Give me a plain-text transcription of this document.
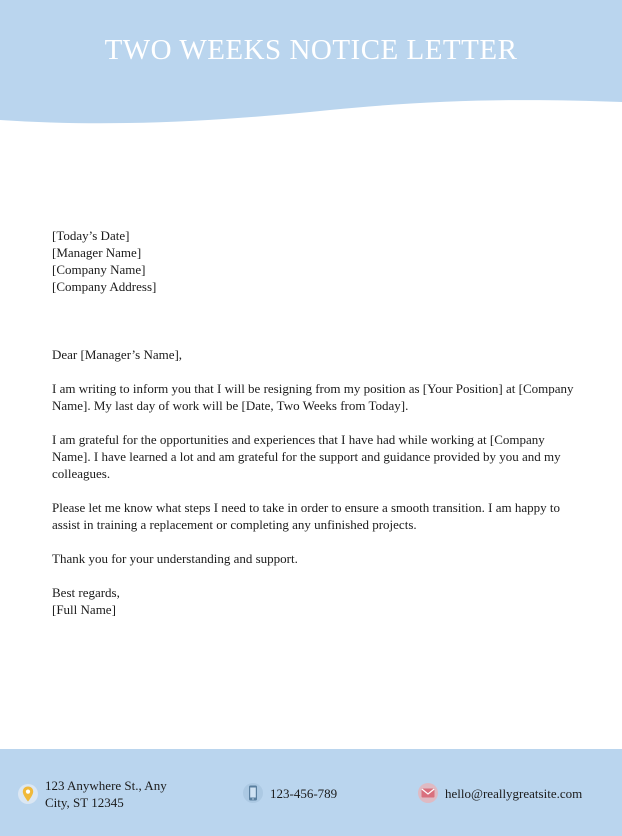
TWO WEEKS NOTICE LETTER
[Today’s Date]
[Manager Name]
[Company Name]
[Company Address]

Dear [Manager’s Name],

I am writing to inform you that I will be resigning from my position as [Your Position] at [Company Name]. My last day of work will be [Date, Two Weeks from Today].

I am grateful for the opportunities and experiences that I have had while working at [Company Name]. I have learned a lot and am grateful for the support and guidance provided by you and my colleagues.

Please let me know what steps I need to take in order to ensure a smooth transition. I am happy to assist in training a replacement or completing any unfinished projects.

Thank you for your understanding and support.

Best regards,
[Full Name]
123 Anywhere St., Any
City, ST 12345
123-456-789	hello@reallygreatsite.com
